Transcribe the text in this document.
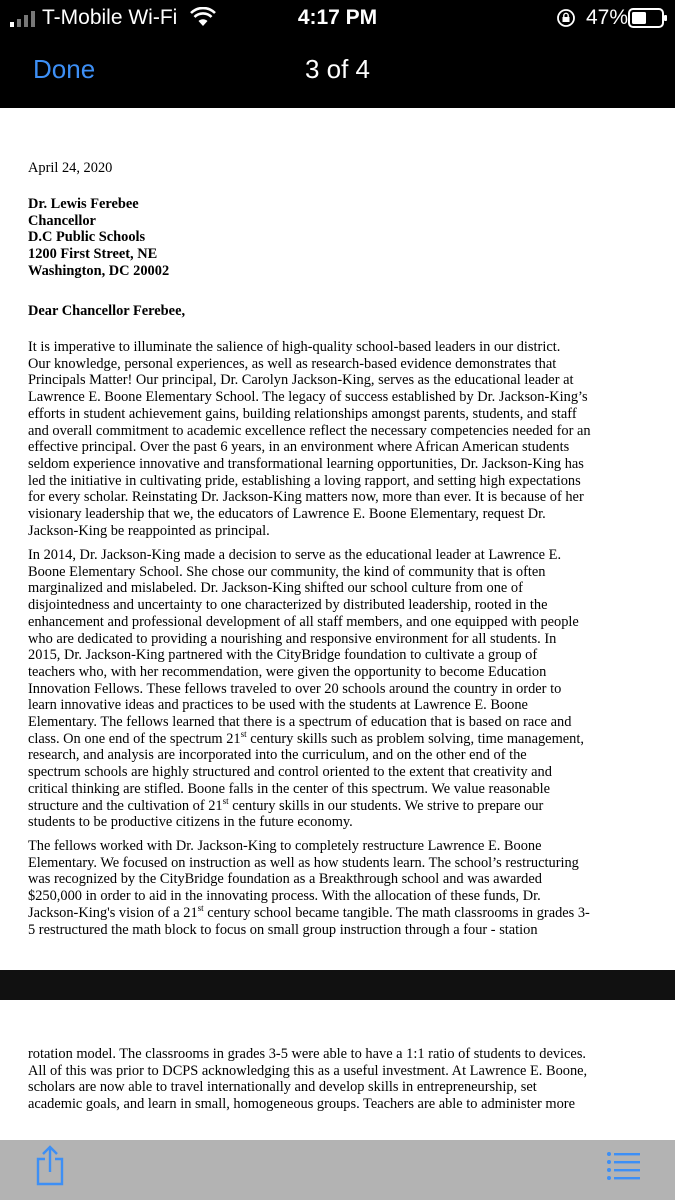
T-Mobile Wi-Fi	4:17 PM	47%
Done	3 of 4
April 24, 2020
Dr. Lewis Ferebee
Chancellor
D.C Public Schools
1200 First Street, NE
Washington, DC 20002
Dear Chancellor Ferebee,
It is imperative to illuminate the salience of high-quality school-based leaders in our district.
Our knowledge, personal experiences, as well as research-based evidence demonstrates that
Principals Matter! Our principal, Dr. Carolyn Jackson-King, serves as the educational leader at
Lawrence E. Boone Elementary School. The legacy of success established by Dr. Jackson-King’s
efforts in student achievement gains, building relationships amongst parents, students, and staff
and overall commitment to academic excellence reflect the necessary competencies needed for an
effective principal. Over the past 6 years, in an environment where African American students
seldom experience innovative and transformational learning opportunities, Dr. Jackson-King has
led the initiative in cultivating pride, establishing a loving rapport, and setting high expectations
for every scholar. Reinstating Dr. Jackson-King matters now, more than ever. It is because of her
visionary leadership that we, the educators of Lawrence E. Boone Elementary, request Dr.
Jackson-King be reappointed as principal.
In 2014, Dr. Jackson-King made a decision to serve as the educational leader at Lawrence E.
Boone Elementary School. She chose our community, the kind of community that is often
marginalized and mislabeled. Dr. Jackson-King shifted our school culture from one of
disjointedness and uncertainty to one characterized by distributed leadership, rooted in the
enhancement and professional development of all staff members, and one equipped with people
who are dedicated to providing a nourishing and responsive environment for all students. In
2015, Dr. Jackson-King partnered with the CityBridge foundation to cultivate a group of
teachers who, with her recommendation, were given the opportunity to become Education
Innovation Fellows. These fellows traveled to over 20 schools around the country in order to
learn innovative ideas and practices to be used with the students at Lawrence E. Boone
Elementary. The fellows learned that there is a spectrum of education that is based on race and
class. On one end of the spectrum 21st century skills such as problem solving, time management,
research, and analysis are incorporated into the curriculum, and on the other end of the
spectrum schools are highly structured and control oriented to the extent that creativity and
critical thinking are stifled. Boone falls in the center of this spectrum. We value reasonable
structure and the cultivation of 21st century skills in our students. We strive to prepare our
students to be productive citizens in the future economy.
The fellows worked with Dr. Jackson-King to completely restructure Lawrence E. Boone
Elementary. We focused on instruction as well as how students learn. The school’s restructuring
was recognized by the CityBridge foundation as a Breakthrough school and was awarded
$250,000 in order to aid in the innovating process. With the allocation of these funds, Dr.
Jackson-King's vision of a 21st century school became tangible. The math classrooms in grades 3-
5 restructured the math block to focus on small group instruction through a four - station
rotation model. The classrooms in grades 3-5 were able to have a 1:1 ratio of students to devices.
All of this was prior to DCPS acknowledging this as a useful investment. At Lawrence E. Boone,
scholars are now able to travel internationally and develop skills in entrepreneurship, set
academic goals, and learn in small, homogeneous groups. Teachers are able to administer more
